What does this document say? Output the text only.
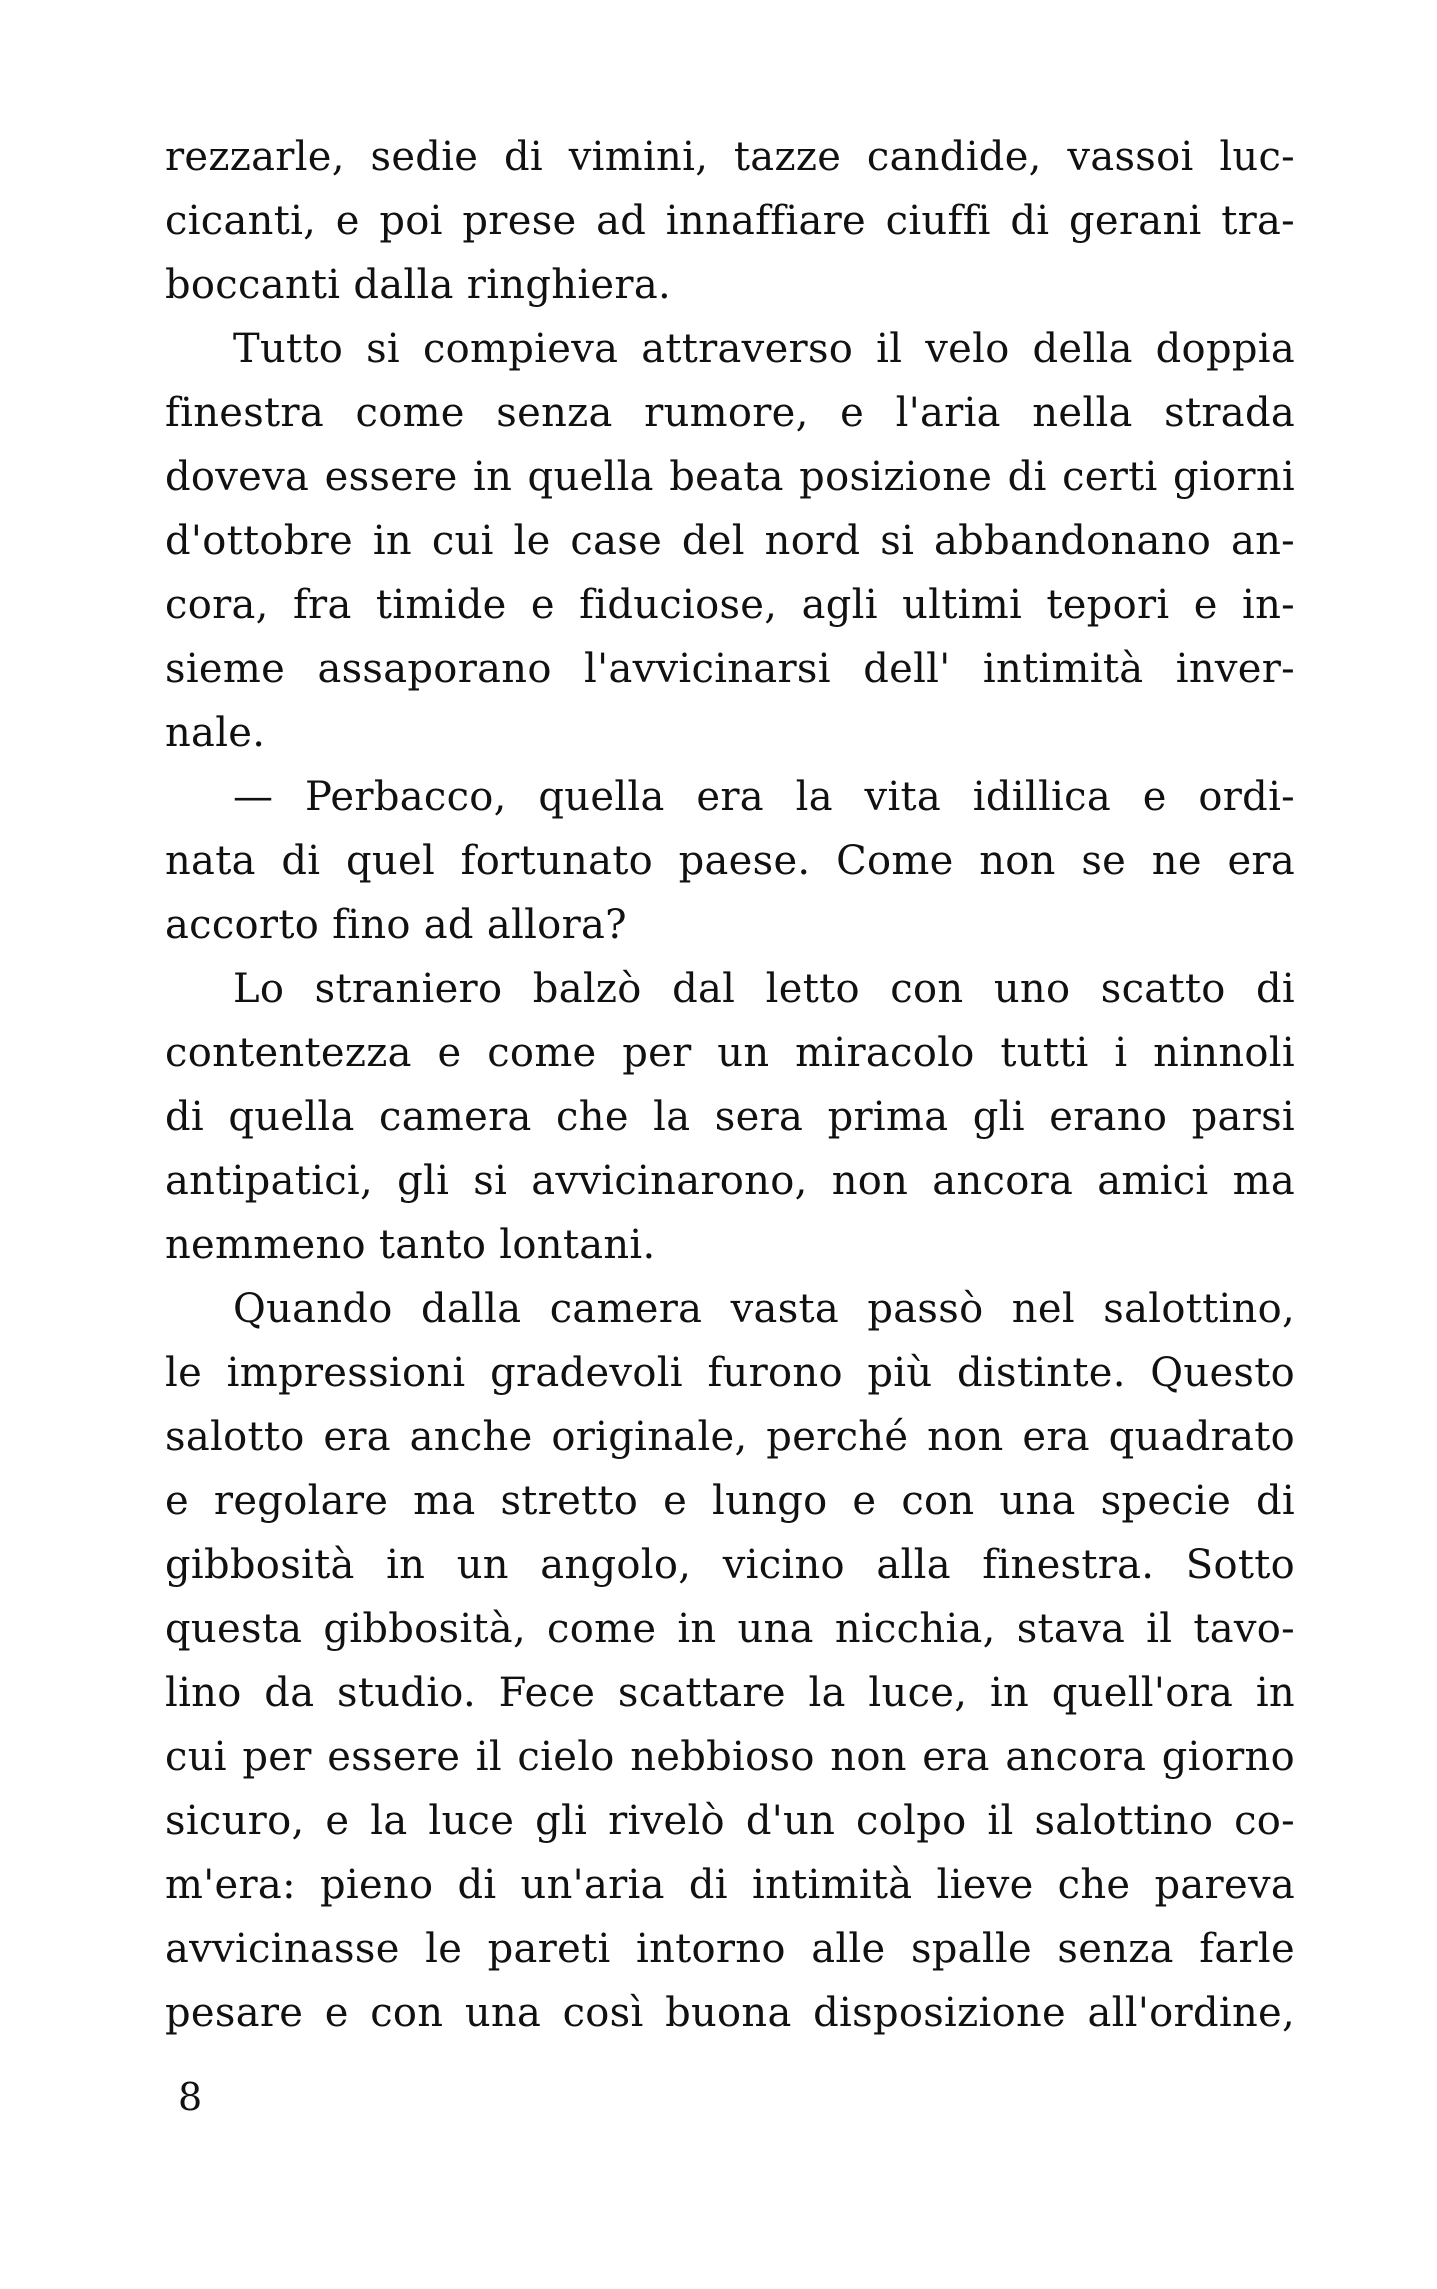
rezzarle, sedie di vimini, tazze candide, vassoi luc-
cicanti, e poi prese ad innaffiare ciuffi di gerani tra-
boccanti dalla ringhiera.
Tutto si compieva attraverso il velo della doppia
finestra come senza rumore, e l'aria nella strada
doveva essere in quella beata posizione di certi giorni
d'ottobre in cui le case del nord si abbandonano an-
cora, fra timide e fiduciose, agli ultimi tepori e in-
sieme assaporano l'avvicinarsi dell' intimità inver-
nale.
— Perbacco, quella era la vita idillica e ordi-
nata di quel fortunato paese. Come non se ne era
accorto fino ad allora?
Lo straniero balzò dal letto con uno scatto di
contentezza e come per un miracolo tutti i ninnoli
di quella camera che la sera prima gli erano parsi
antipatici, gli si avvicinarono, non ancora amici ma
nemmeno tanto lontani.
Quando dalla camera vasta passò nel salottino,
le impressioni gradevoli furono più distinte. Questo
salotto era anche originale, perché non era quadrato
e regolare ma stretto e lungo e con una specie di
gibbosità in un angolo, vicino alla finestra. Sotto
questa gibbosità, come in una nicchia, stava il tavo-
lino da studio. Fece scattare la luce, in quell'ora in
cui per essere il cielo nebbioso non era ancora giorno
sicuro, e la luce gli rivelò d'un colpo il salottino co-
m'era: pieno di un'aria di intimità lieve che pareva
avvicinasse le pareti intorno alle spalle senza farle
pesare e con una così buona disposizione all'ordine,
8
